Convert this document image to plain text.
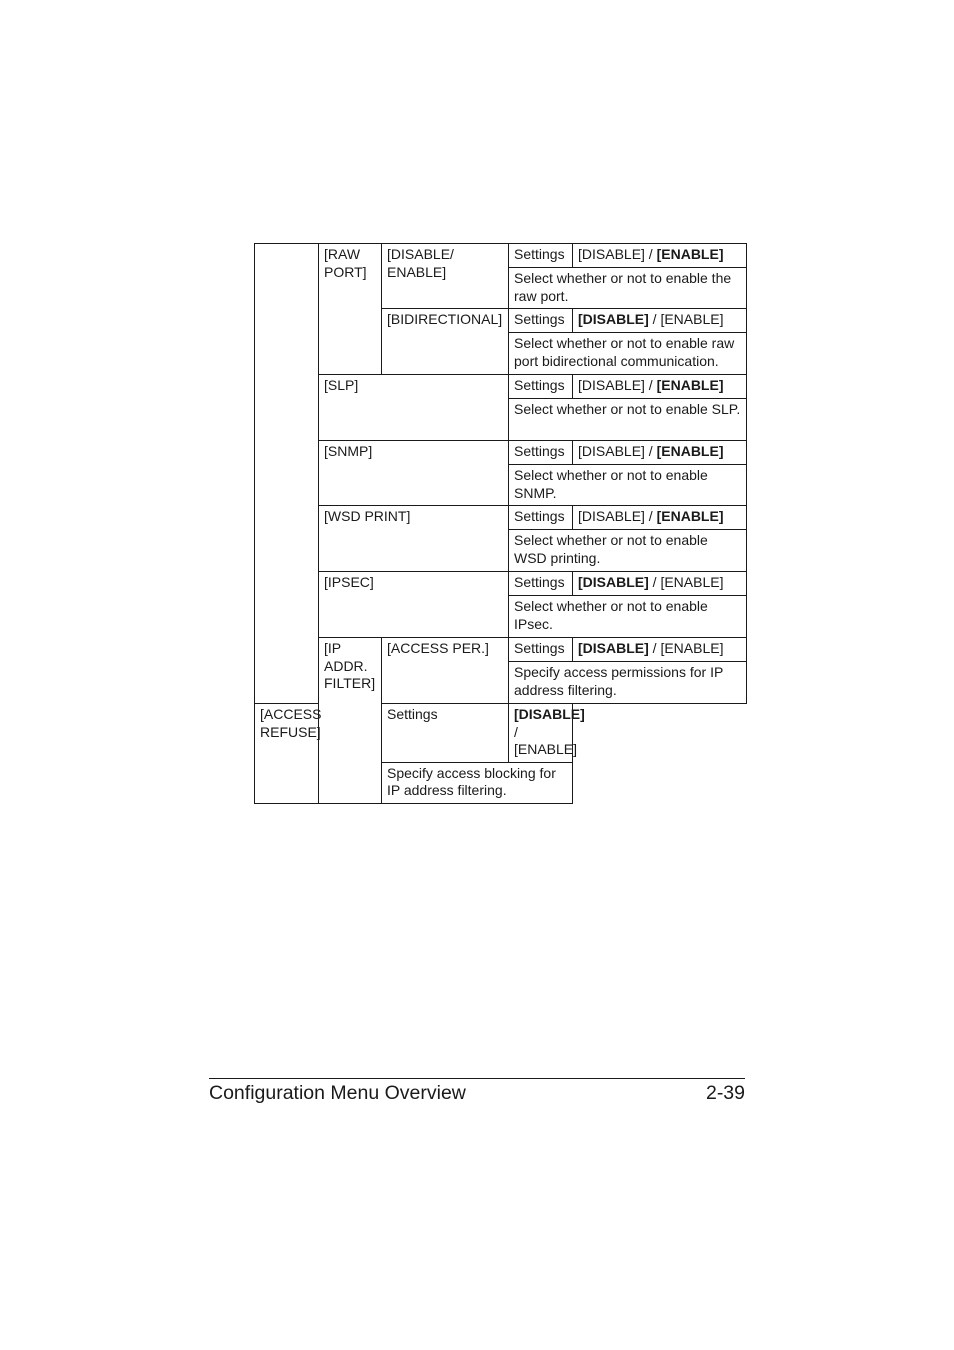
	[RAW PORT]	[DISABLE/ ENABLE]	Settings	[DISABLE] / [ENABLE]
			Select whether or not to enable the raw port.	
		[BIDIRECTIONAL]	Settings	[DISABLE] / [ENABLE]
			Select whether or not to enable raw port bidirectional communication.	
	[SLP]		Settings	[DISABLE] / [ENABLE]
			Select whether or not to enable SLP.	
	[SNMP]		Settings	[DISABLE] / [ENABLE]
			Select whether or not to enable SNMP.	
	[WSD PRINT]		Settings	[DISABLE] / [ENABLE]
			Select whether or not to enable WSD printing.	
	[IPSEC]		Settings	[DISABLE] / [ENABLE]
			Select whether or not to enable IPsec.	
	[IP ADDR. FILTER]	[ACCESS PER.]	Settings	[DISABLE] / [ENABLE]
			Specify access permissions for IP address filtering.	
[ACCESS REFUSE]		Settings	[DISABLE] / [ENABLE]	
		Specify access blocking for IP address filtering.		
Configuration Menu Overview	2-39
